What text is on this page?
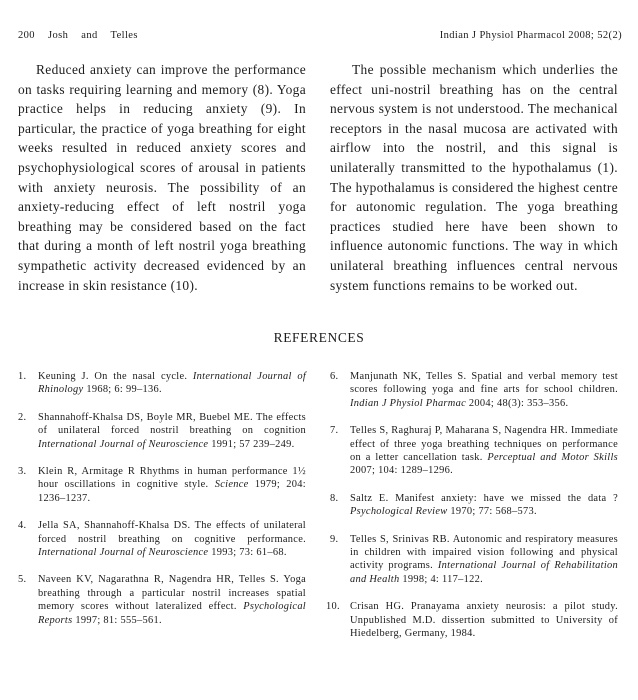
200 Josh and Telles	Indian J Physiol Pharmacol 2008; 52(2)

Reduced anxiety can improve the performance on tasks requiring learning and memory (8). Yoga practice helps in reducing anxiety (9). In particular, the practice of yoga breathing for eight weeks resulted in reduced anxiety scores and psychophysiological scores of arousal in patients with anxiety neurosis. The possibility of an anxiety-reducing effect of left nostril yoga breathing may be considered based on the fact that during a month of left nostril yoga breathing sympathetic activity decreased evidenced by an increase in skin resistance (10).

The possible mechanism which underlies the effect uni-nostril breathing has on the central nervous system is not understood. The mechanical receptors in the nasal mucosa are activated with airflow into the nostril, and this signal is unilaterally transmitted to the hypothalamus (1). The hypothalamus is considered the highest centre for autonomic regulation. The yoga breathing practices studied here have been shown to influence autonomic functions. The way in which unilateral breathing influences central nervous system functions remains to be worked out.

REFERENCES
1. Keuning J. On the nasal cycle. International Journal of Rhinology 1968; 6: 99–136.
2. Shannahoff-Khalsa DS, Boyle MR, Buebel ME. The effects of unilateral forced nostril breathing on cognition International Journal of Neuroscience 1991; 57 239–249.
3. Klein R, Armitage R Rhythms in human performance 1½ hour oscillations in cognitive style. Science 1979; 204: 1236–1237.
4. Jella SA, Shannahoff-Khalsa DS. The effects of unilateral forced nostril breathing on cognitive performance. International Journal of Neuroscience 1993; 73: 61–68.
5. Naveen KV, Nagarathna R, Nagendra HR, Telles S. Yoga breathing through a particular nostril increases spatial memory scores without lateralized effect. Psychological Reports 1997; 81: 555–561.
6. Manjunath NK, Telles S. Spatial and verbal memory test scores following yoga and fine arts for school children. Indian J Physiol Pharmac 2004; 48(3): 353–356.
7. Telles S, Raghuraj P, Maharana S, Nagendra HR. Immediate effect of three yoga breathing techniques on performance on a letter cancellation task. Perceptual and Motor Skills 2007; 104: 1289–1296.
8. Saltz E. Manifest anxiety: have we missed the data ? Psychological Review 1970; 77: 568–573.
9. Telles S, Srinivas RB. Autonomic and respiratory measures in children with impaired vision following and physical activity programs. International Journal of Rehabilitation and Health 1998; 4: 117–122.
10. Crisan HG. Pranayama anxiety neurosis: a pilot study. Unpublished M.D. dissertion submitted to University of Hiedelberg, Germany, 1984.
